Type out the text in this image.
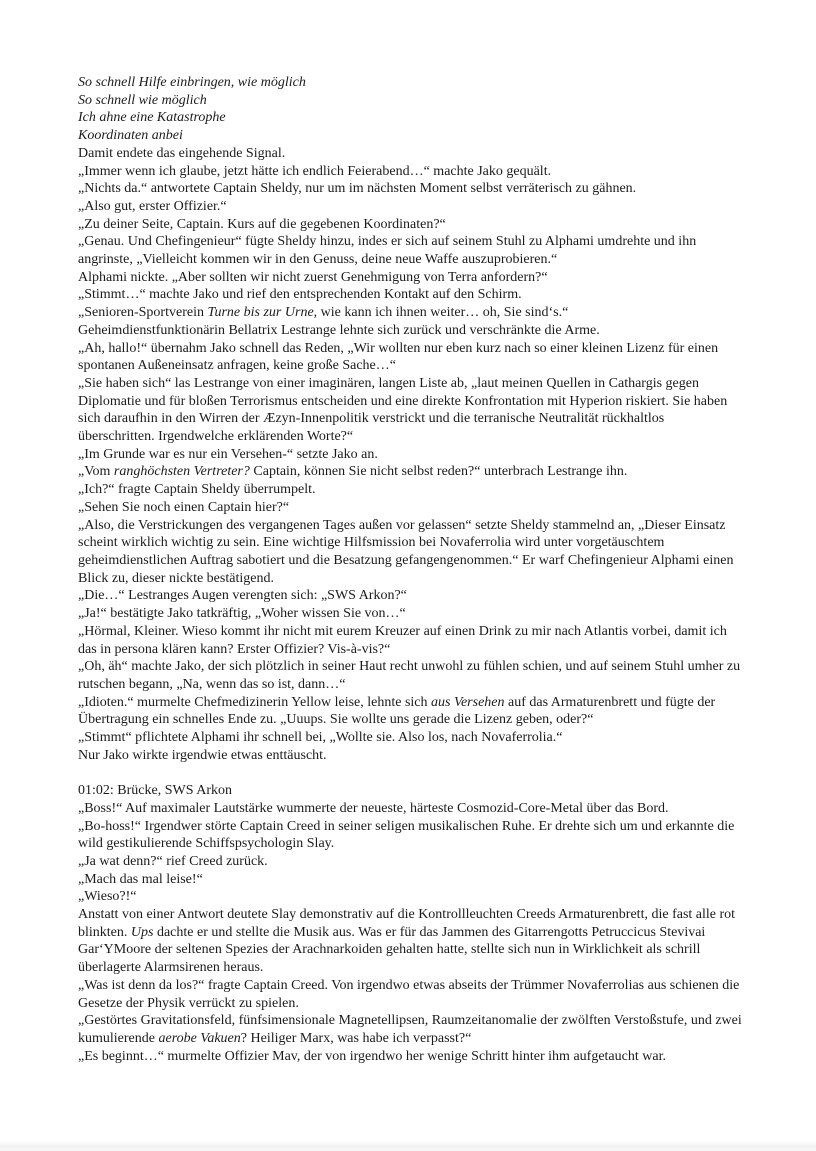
So schnell Hilfe einbringen, wie möglich

So schnell wie möglich

Ich ahne eine Katastrophe

Koordinaten anbei

Damit endete das eingehende Signal.

„Immer wenn ich glaube, jetzt hätte ich endlich Feierabend…“ machte Jako gequält.

„Nichts da.“ antwortete Captain Sheldy, nur um im nächsten Moment selbst verräterisch zu gähnen.

„Also gut, erster Offizier.“

„Zu deiner Seite, Captain. Kurs auf die gegebenen Koordinaten?“

„Genau. Und Chefingenieur“ fügte Sheldy hinzu, indes er sich auf seinem Stuhl zu Alphami umdrehte und ihn angrinste, „Vielleicht kommen wir in den Genuss, deine neue Waffe auszuprobieren.“

Alphami nickte. „Aber sollten wir nicht zuerst Genehmigung von Terra anfordern?“

„Stimmt…“ machte Jako und rief den entsprechenden Kontakt auf den Schirm.

„Senioren-Sportverein Turne bis zur Urne, wie kann ich ihnen weiter… oh, Sie sind‘s.“

Geheimdienstfunktionärin Bellatrix Lestrange lehnte sich zurück und verschränkte die Arme.

„Ah, hallo!“ übernahm Jako schnell das Reden, „Wir wollten nur eben kurz nach so einer kleinen Lizenz für einen spontanen Außeneinsatz anfragen, keine große Sache…“

„Sie haben sich“ las Lestrange von einer imaginären, langen Liste ab, „laut meinen Quellen in Cathargis gegen Diplomatie und für bloßen Terrorismus entscheiden und eine direkte Konfrontation mit Hyperion riskiert. Sie haben sich daraufhin in den Wirren der Æzyn-Innenpolitik verstrickt und die terranische Neutralität rückhaltlos überschritten. Irgendwelche erklärenden Worte?“

„Im Grunde war es nur ein Versehen-“ setzte Jako an.

„Vom ranghöchsten Vertreter? Captain, können Sie nicht selbst reden?“ unterbrach Lestrange ihn.

„Ich?“ fragte Captain Sheldy überrumpelt.

„Sehen Sie noch einen Captain hier?“

„Also, die Verstrickungen des vergangenen Tages außen vor gelassen“ setzte Sheldy stammelnd an, „Dieser Einsatz scheint wirklich wichtig zu sein. Eine wichtige Hilfsmission bei Novaferrolia wird unter vorgetäuschtem geheimdienstlichen Auftrag sabotiert und die Besatzung gefangengenommen.“ Er warf Chefingenieur Alphami einen Blick zu, dieser nickte bestätigend.

„Die…“ Lestranges Augen verengten sich: „SWS Arkon?“

„Ja!“ bestätigte Jako tatkräftig, „Woher wissen Sie von…“

„Hörmal, Kleiner. Wieso kommt ihr nicht mit eurem Kreuzer auf einen Drink zu mir nach Atlantis vorbei, damit ich das in persona klären kann? Erster Offizier? Vis-à-vis?“

„Oh, äh“ machte Jako, der sich plötzlich in seiner Haut recht unwohl zu fühlen schien, und auf seinem Stuhl umher zu rutschen begann, „Na, wenn das so ist, dann…“

„Idioten.“ murmelte Chefmedizinerin Yellow leise, lehnte sich aus Versehen auf das Armaturenbrett und fügte der Übertragung ein schnelles Ende zu. „Uuups. Sie wollte uns gerade die Lizenz geben, oder?“

„Stimmt“ pflichtete Alphami ihr schnell bei, „Wollte sie. Also los, nach Novaferrolia.“

Nur Jako wirkte irgendwie etwas enttäuscht.

01:02: Brücke, SWS Arkon

„Boss!“ Auf maximaler Lautstärke wummerte der neueste, härteste Cosmozid-Core-Metal über das Bord.

„Bo-hoss!“ Irgendwer störte Captain Creed in seiner seligen musikalischen Ruhe. Er drehte sich um und erkannte die wild gestikulierende Schiffspsychologin Slay.

„Ja wat denn?“ rief Creed zurück.

„Mach das mal leise!“

„Wieso?!“

Anstatt von einer Antwort deutete Slay demonstrativ auf die Kontrollleuchten Creeds Armaturenbrett, die fast alle rot blinkten. Ups dachte er und stellte die Musik aus. Was er für das Jammen des Gitarrengotts Petruccicus Stevivai Gar‘YMoore der seltenen Spezies der Arachnarkoiden gehalten hatte, stellte sich nun in Wirklichkeit als schrill überlagerte Alarmsirenen heraus.

„Was ist denn da los?“ fragte Captain Creed. Von irgendwo etwas abseits der Trümmer Novaferrolias aus schienen die Gesetze der Physik verrückt zu spielen.

„Gestörtes Gravitationsfeld, fünfsimensionale Magnetellipsen, Raumzeitanomalie der zwölften Verstoßstufe, und zwei kumulierende aerobe Vakuen? Heiliger Marx, was habe ich verpasst?“

„Es beginnt…“ murmelte Offizier Mav, der von irgendwo her wenige Schritt hinter ihm aufgetaucht war.
